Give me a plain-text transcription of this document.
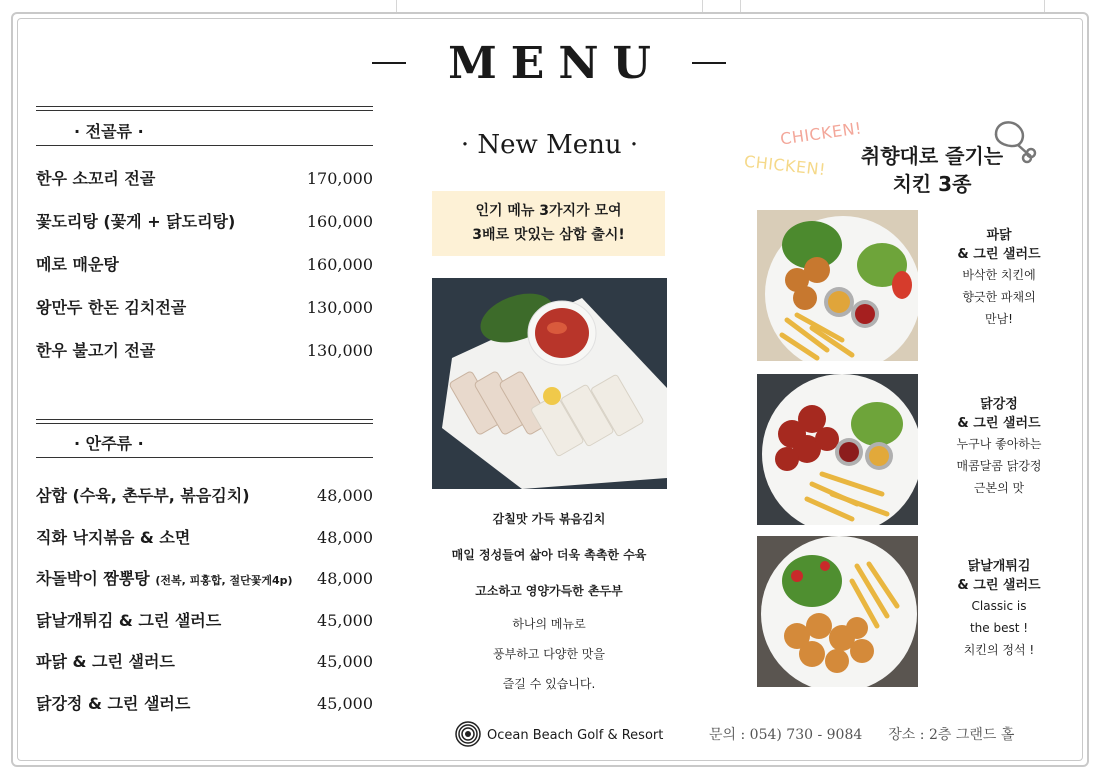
MENU
· 전골류 ·
한우 소꼬리 전골	170,000
꽃도리탕 (꽃게 + 닭도리탕)	160,000
메로 매운탕	160,000
왕만두 한돈 김치전골	130,000
한우 불고기 전골	130,000
· 안주류 ·
삼합 (수육, 촌두부, 볶음김치)	48,000
직화 낙지볶음 & 소면	48,000
차돌박이 짬뽕탕 (전복, 피홍합, 절단꽃게4p) 48,000
닭날개튀김 & 그린 샐러드	45,000
파닭 & 그린 샐러드	45,000
닭강정 & 그린 샐러드	45,000
· New Menu ·
인기 메뉴 3가지가 모여
3배로 맛있는 삼합 출시!
감칠맛 가득 볶음김치
매일 정성들여 삶아 더욱 촉촉한 수육
고소하고 영양가득한 촌두부
하나의 메뉴로
풍부하고 다양한 맛을
즐길 수 있습니다.
CHICKEN!
CHICKEN!	취향대로 즐기는
치킨 3종
파닭
& 그린 샐러드
바삭한 치킨에
향긋한 파채의
만남!
닭강정
& 그린 샐러드
누구나 좋아하는
매콤달콤 닭강정
근본의 맛
닭날개튀김
& 그린 샐러드
Classic is
the best !
치킨의 정석 !
Ocean Beach Golf & Resort	문의 : 054) 730 - 9084 장소 : 2층 그랜드 홀
